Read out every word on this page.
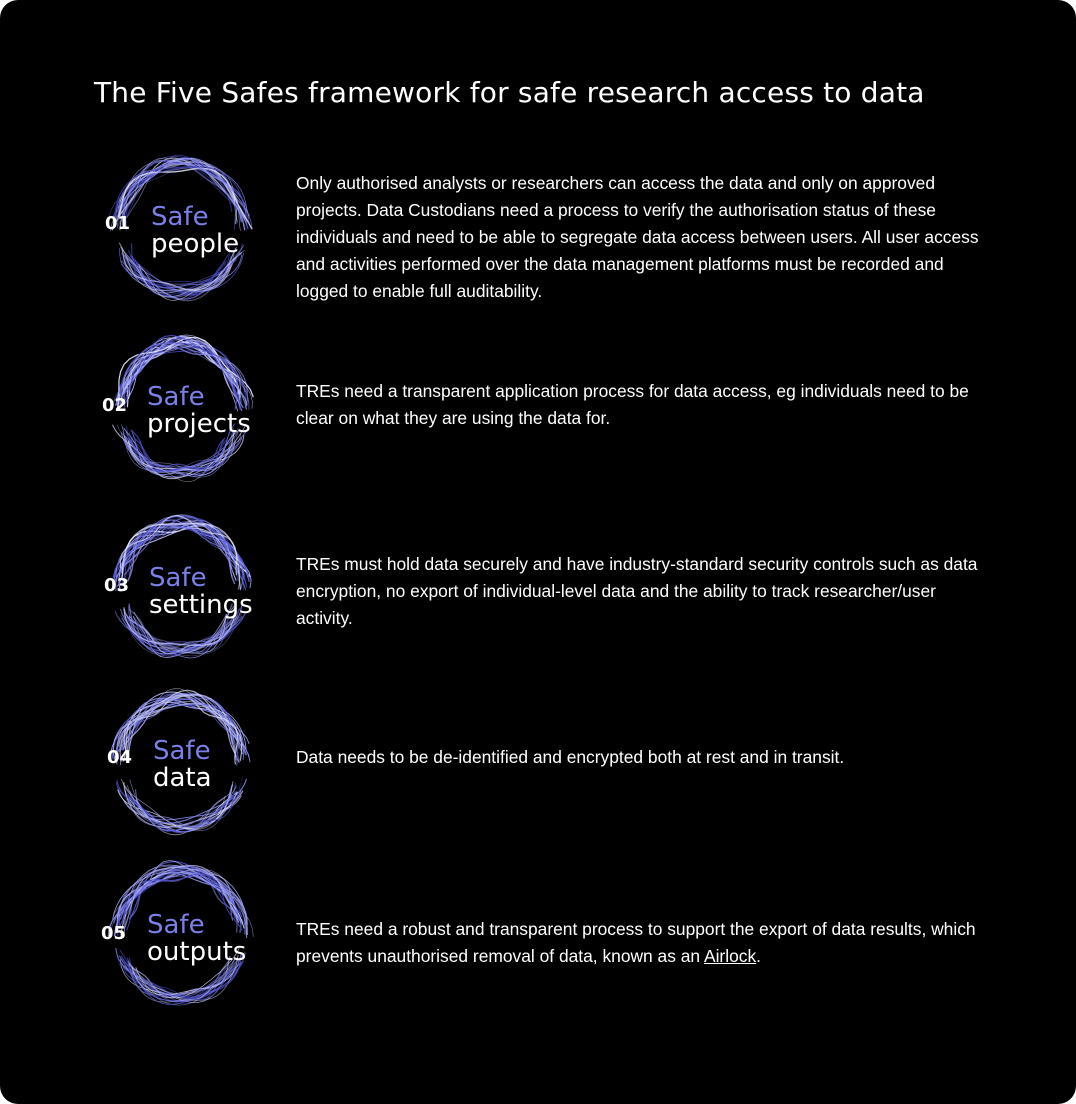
The Five Safes framework for safe research access to data
01 Safe
people

Only authorised analysts or researchers can access the data and only on approved projects. Data Custodians need a process to verify the authorisation status of these individuals and need to be able to segregate data access between users. All user access and activities performed over the data management platforms must be recorded and logged to enable full auditability.

02 Safe
projects

TREs need a transparent application process for data access, eg individuals need to be clear on what they are using the data for.

03 Safe
settings

TREs must hold data securely and have industry-standard security controls such as data encryption, no export of individual-level data and the ability to track researcher/user activity.

04 Safe
data

Data needs to be de-identified and encrypted both at rest and in transit.

05 Safe
outputs

TREs need a robust and transparent process to support the export of data results, which prevents unauthorised removal of data, known as an Airlock.
